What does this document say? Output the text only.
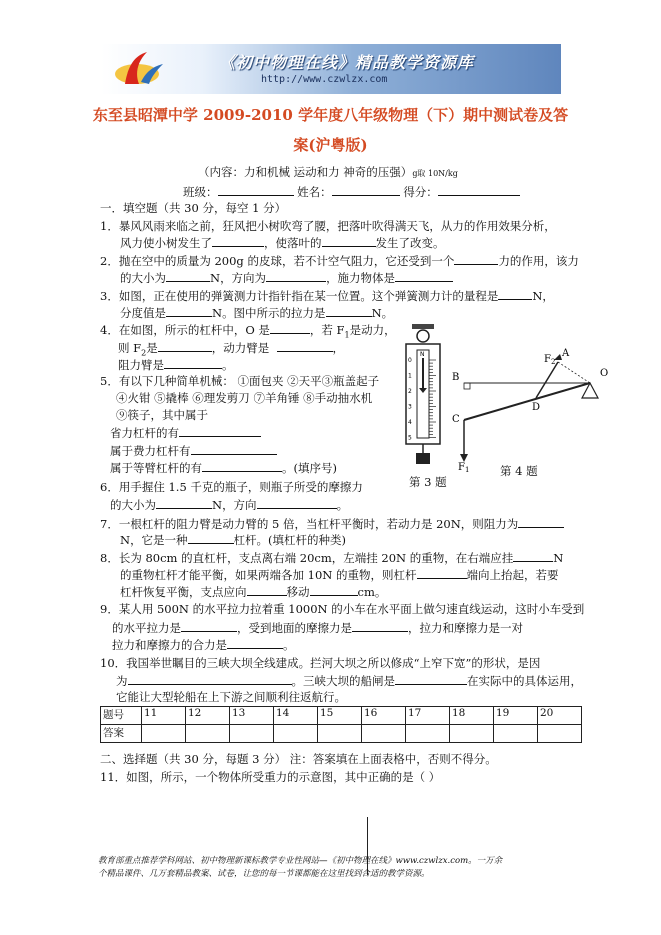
《初中物理在线》精品教学资源库
http://www.czwlzx.com
东至县昭潭中学 2009-2010 学年度八年级物理（下）期中测试卷及答
案(沪粤版)
（内容：力和机械 运动和力 神奇的压强）g取 10N/kg
班级：	姓名：	得分：
一．填空题（共 30 分，每空 1 分）
1．暴风风雨来临之前，狂风把小树吹弯了腰，把落叶吹得满天飞，从力的作用效果分析，
风力使小树发生了	，使落叶的	发生了改变。
2．抛在空中的质量为 200g 的皮球，若不计空气阻力，它还受到一个	力的作用，该力
的大小为	N，方向为	，施力物体是
3．如图，正在使用的弹簧测力计指针指在某一位置。这个弹簧测力计的量程是	N，
分度值是	N。图中所示的拉力是	N。
4．在如图，所示的杠杆中，O 是	，若 $F_1$是动力，
则 $F_2$是	，动力臂是	，
阻力臂是	。
5．有以下几种简单机械： ①面包夹 ②天平③瓶盖起子
④火钳 ⑤撬棒 ⑥理发剪刀 ⑦羊角锤 ⑧手动抽水机
⑨筷子，其中属于
省力杠杆的有
属于费力杠杆有
属于等臂杠杆的有	。(填序号)
6．用手握住 1.5 千克的瓶子，则瓶子所受的摩擦力
的大小为	N，方向	。
7．一根杠杆的阻力臂是动力臂的 5 倍，当杠杆平衡时，若动力是 20N，则阻力为
N，它是一种	杠杆。(填杠杆的种类)
8．长为 80cm 的直杠杆，支点离右端 20cm，左端挂 20N 的重物，在右端应挂	N
的重物杠杆才能平衡，如果两端各加 10N 的重物，则杠杆	端向上抬起，若要
杠杆恢复平衡，支点应向	移动	cm。
9．某人用 500N 的水平拉力拉着重 1000N 的小车在水平面上做匀速直线运动，这时小车受到
的水平拉力是	，受到地面的摩擦力是	，拉力和摩擦力是一对
拉力和摩擦力的合力是	。
10．我国举世瞩目的三峡大坝全线建成。拦河大坝之所以修成“上窄下宽”的形状，是因
为	。三峡大坝的船闸是	在实际中的具体运用，
它能让大型轮船在上下游之间顺利往返航行。
N
0
1
2
3
4
5
第 3 题
B
C
D
A
O
$F_2$
$F_1$	第 4 题
题号	11	12	13	14	15	16	17	18	19	20
答案										
二、选择题（共 30 分，每题 3 分） 注：答案填在上面表格中，否则不得分。
11．如图，所示，一个物体所受重力的示意图，其中正确的是（ ）
教育部重点推荐学科网站、初中物理新课标教学专业性网站—《初中物理在线》www.czwlzx.com。一万余
个精品课件、几万套精品教案、试卷，让您的每一节课都能在这里找到合适的教学资源。
